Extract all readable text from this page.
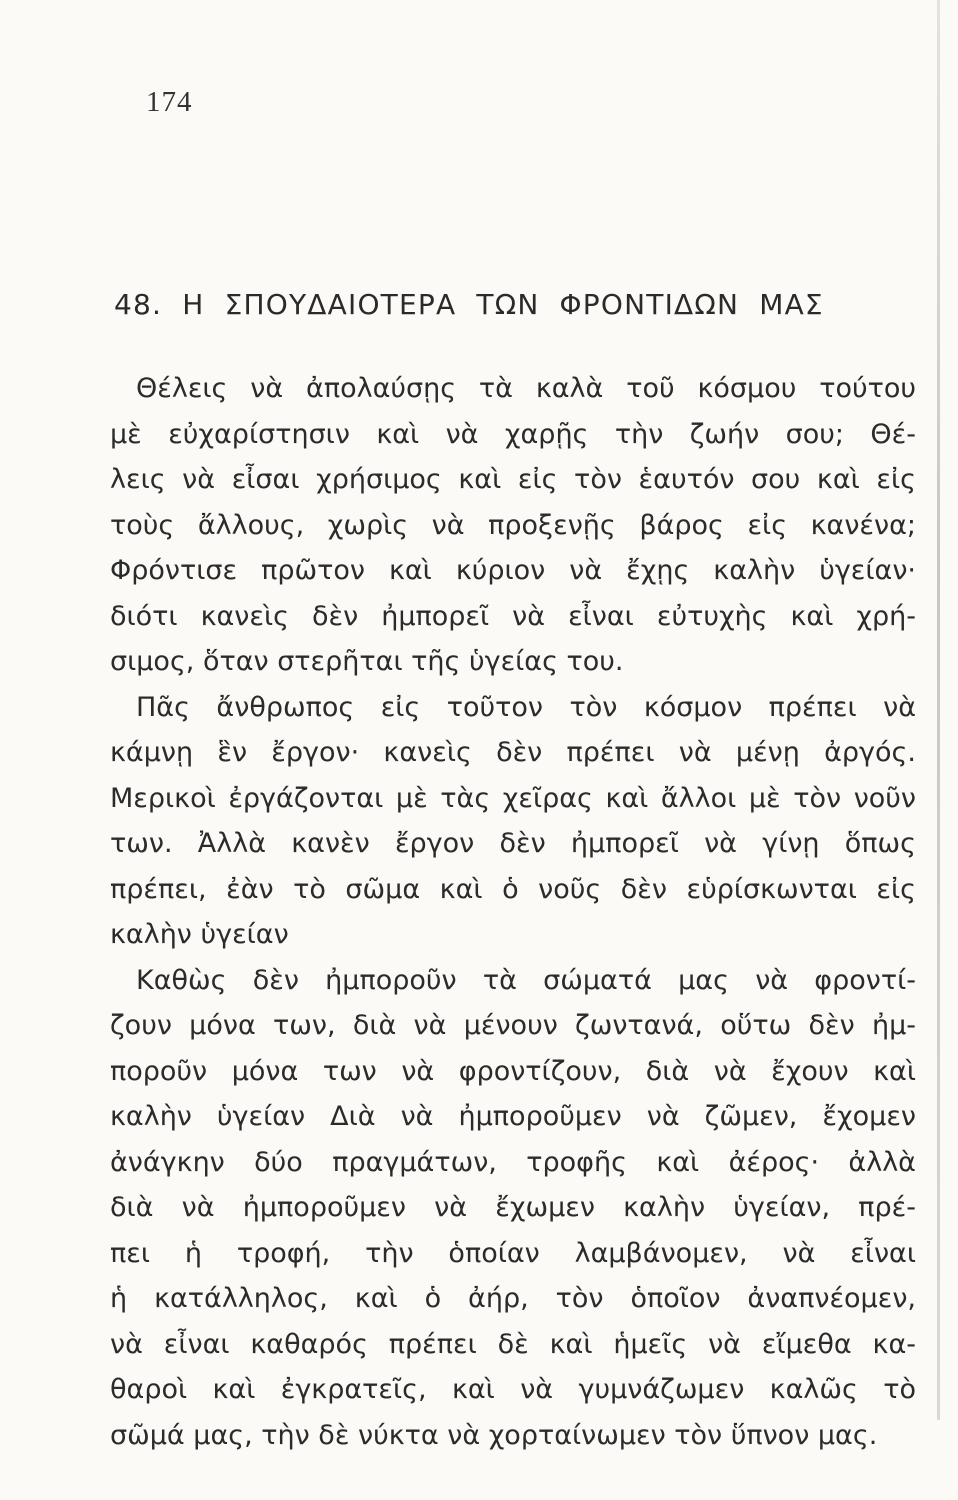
174
48. Η ΣΠΟΥΔΑΙΟΤΕΡΑ ΤΩΝ ΦΡΟΝΤΙΔΩΝ ΜΑΣ
Θέλεις νὰ ἀπολαύσῃς τὰ καλὰ τοῦ κόσμου τούτου
μὲ εὐχαρίστησιν καὶ νὰ χαρῇς τὴν ζωήν σου; Θέ-
λεις νὰ εἶσαι χρήσιμος καὶ εἰς τὸν ἑαυτόν σου καὶ εἰς
τοὺς ἄλλους, χωρὶς νὰ προξενῇς βάρος εἰς κανένα;
Φρόντισε πρῶτον καὶ κύριον νὰ ἔχῃς καλὴν ὑγείαν·
διότι κανεὶς δὲν ἠμπορεῖ νὰ εἶναι εὐτυχὴς καὶ χρή-
σιμος, ὅταν στερῆται τῆς ὑγείας του.
Πᾶς ἄνθρωπος εἰς τοῦτον τὸν κόσμον πρέπει νὰ
κάμνῃ ἓν ἔργον· κανεὶς δὲν πρέπει νὰ μένῃ ἀργός.
Μερικοὶ ἐργάζονται μὲ τὰς χεῖρας καὶ ἄλλοι μὲ τὸν νοῦν
των. Ἀλλὰ κανὲν ἔργον δὲν ἠμπορεῖ νὰ γίνῃ ὅπως
πρέπει, ἐὰν τὸ σῶμα καὶ ὁ νοῦς δὲν εὑρίσκωνται εἰς
καλὴν ὑγείαν
Καθὼς δὲν ἠμποροῦν τὰ σώματά μας νὰ φροντί-
ζουν μόνα των, διὰ νὰ μένουν ζωντανά, οὕτω δὲν ἠμ-
ποροῦν μόνα των νὰ φροντίζουν, διὰ νὰ ἔχουν καὶ
καλὴν ὑγείαν Διὰ νὰ ἠμποροῦμεν νὰ ζῶμεν, ἔχομεν
ἀνάγκην δύο πραγμάτων, τροφῆς καὶ ἀέρος· ἀλλὰ
διὰ νὰ ἠμποροῦμεν νὰ ἔχωμεν καλὴν ὑγείαν, πρέ-
πει ἡ τροφή, τὴν ὁποίαν λαμβάνομεν, νὰ εἶναι
ἡ κατάλληλος, καὶ ὁ ἀήρ, τὸν ὁποῖον ἀναπνέομεν,
νὰ εἶναι καθαρός πρέπει δὲ καὶ ἡμεῖς νὰ εἴμεθα κα-
θαροὶ καὶ ἐγκρατεῖς, καὶ νὰ γυμνάζωμεν καλῶς τὸ
σῶμά μας, τὴν δὲ νύκτα νὰ χορταίνωμεν τὸν ὕπνον μας.
